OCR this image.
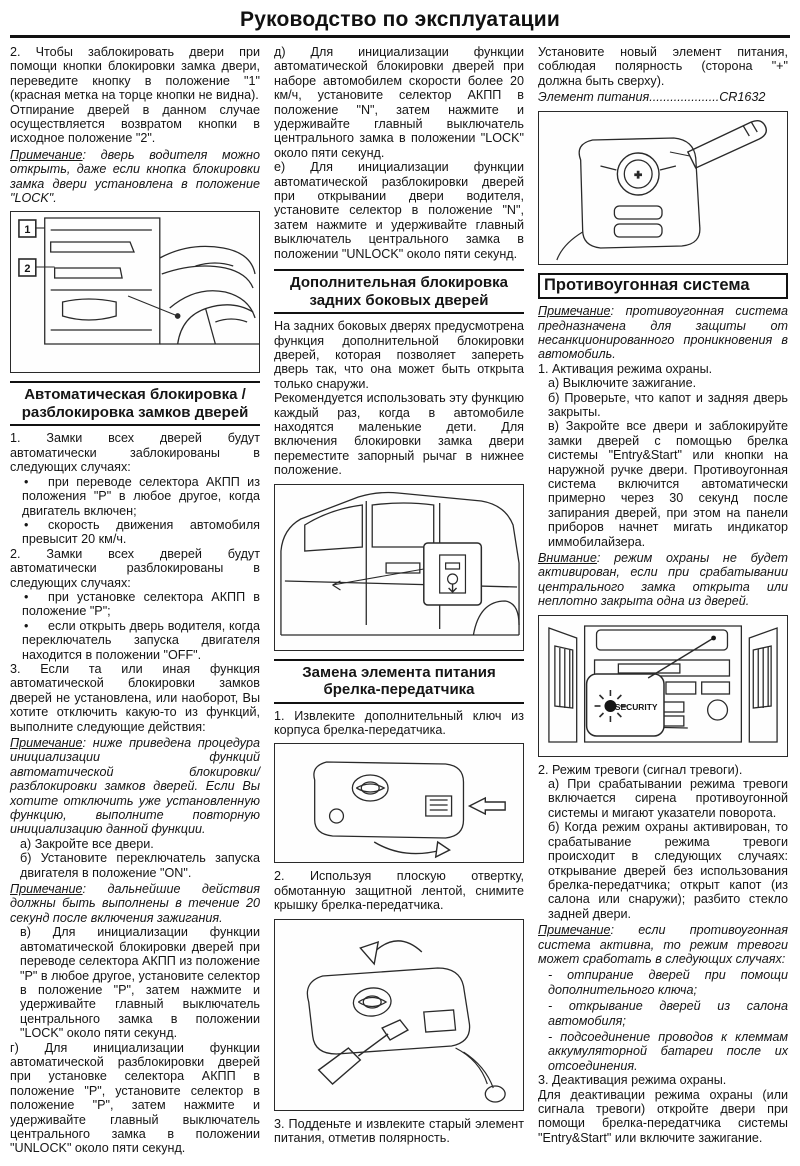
Руководство по эксплуатации

2. Чтобы заблокировать двери при помощи кнопки блокировки замка двери, переведите кнопку в положение "1" (красная метка на торце кнопки не видна).

Отпирание дверей в данном случае осуществляется возвратом кнопки в исходное положение "2".

Примечание: дверь водителя можно открыть, даже если кнопка блокировки замка двери установлена в положение "LOCK".

1
2
Автоматическая блокировка / разблокировка замков дверей

1. Замки всех дверей будут автоматически заблокированы в следующих случаях:

•	при переводе селектора АКПП из положения "P" в любое другое, когда двигатель включен;
•	скорость движения автомобиля превысит 20 км/ч.

2. Замки всех дверей будут автоматически разблокированы в следующих случаях:

•	при установке селектора АКПП в положение "P";
•	если открыть дверь водителя, когда переключатель запуска двигателя находится в положении "OFF".

3. Если та или иная функция автоматической блокировки замков дверей не установлена, или наоборот, Вы хотите отключить какую-то из функций, выполните следующие действия:

Примечание: ниже приведена процедура инициализации функций автоматической блокировки/разблокировки замков дверей. Если Вы хотите отключить уже установленную функцию, выполните повторную инициализацию данной функции.

а) Закройте все двери.

б) Установите переключатель запуска двигателя в положение "ON".

Примечание: дальнейшие действия должны быть выполнены в течение 20 секунд после включения зажигания.

в) Для инициализации функции автоматической блокировки дверей при переводе селектора АКПП из положение "P" в любое другое, установите селектор в положение "P", затем нажмите и удерживайте главный выключатель центрального замка в положении "LOCK" около пяти секунд.

г) Для инициализации функции автоматической разблокировки дверей при установке селектора АКПП в положение "P", установите селектор в положение "P", затем нажмите и удерживайте главный выключатель центрального замка в положении "UNLOCK" около пяти секунд.

д) Для инициализации функции автоматической блокировки дверей при наборе автомобилем скорости более 20 км/ч, установите селектор АКПП в положение "N", затем нажмите и удерживайте главный выключатель центрального замка в положении "LOCK" около пяти секунд.

е) Для инициализации функции автоматической разблокировки дверей при открывании двери водителя, установите селектор в положение "N", затем нажмите и удерживайте главный выключатель центрального замка в положении "UNLOCK" около пяти секунд.

Дополнительная блокировка задних боковых дверей

На задних боковых дверях предусмотрена функция дополнительной блокировки дверей, которая позволяет запереть дверь так, что она может быть открыта только снаружи.

Рекомендуется использовать эту функцию каждый раз, когда в автомобиле находятся маленькие дети. Для включения блокировки замка двери переместите запорный рычаг в нижнее положение.

Замена элемента питания брелка-передатчика

1. Извлеките дополнительный ключ из корпуса брелка-передатчика.

2. Используя плоскую отвертку, обмотанную защитной лентой, снимите крышку брелка-передатчика.

3. Подденьте и извлеките старый элемент питания, отметив полярность.

Установите новый элемент питания, соблюдая полярность (сторона "+" должна быть сверху).

Элемент питания....................CR1632

+
Противоугонная система

Примечание: противоугонная система предназначена для защиты от несанкционированного проникновения в автомобиль.

1. Активация режима охраны.

а) Выключите зажигание.

б) Проверьте, что капот и задняя дверь закрыты.

в) Закройте все двери и заблокируйте замки дверей с помощью брелка системы "Entry&Start" или кнопки на наружной ручке двери. Противоугонная система включится автоматически примерно через 30 секунд после запирания дверей, при этом на панели приборов начнет мигать индикатор иммобилайзера.

Внимание: режим охраны не будет активирован, если при срабатывании центрального замка открыта или неплотно закрыта одна из дверей.

SECURITY

2. Режим тревоги (сигнал тревоги).

а) При срабатывании режима тревоги включается сирена противоугонной системы и мигают указатели поворота.

б) Когда режим охраны активирован, то срабатывание режима тревоги происходит в следующих случаях: открывание дверей без использования брелка-передатчика; открыт капот (из салона или снаружи); разбито стекло задней двери.

Примечание: если противоугонная система активна, то режим тревоги может сработать в следующих случаях:

- отпирание дверей при помощи дополнительного ключа;

- открывание дверей из салона автомобиля;

- подсоединение проводов к клеммам аккумуляторной батареи после их отсоединения.

3. Деактивация режима охраны.

Для деактивации режима охраны (или сигнала тревоги) откройте двери при помощи брелка-передатчика системы "Entry&Start" или включите зажигание.
